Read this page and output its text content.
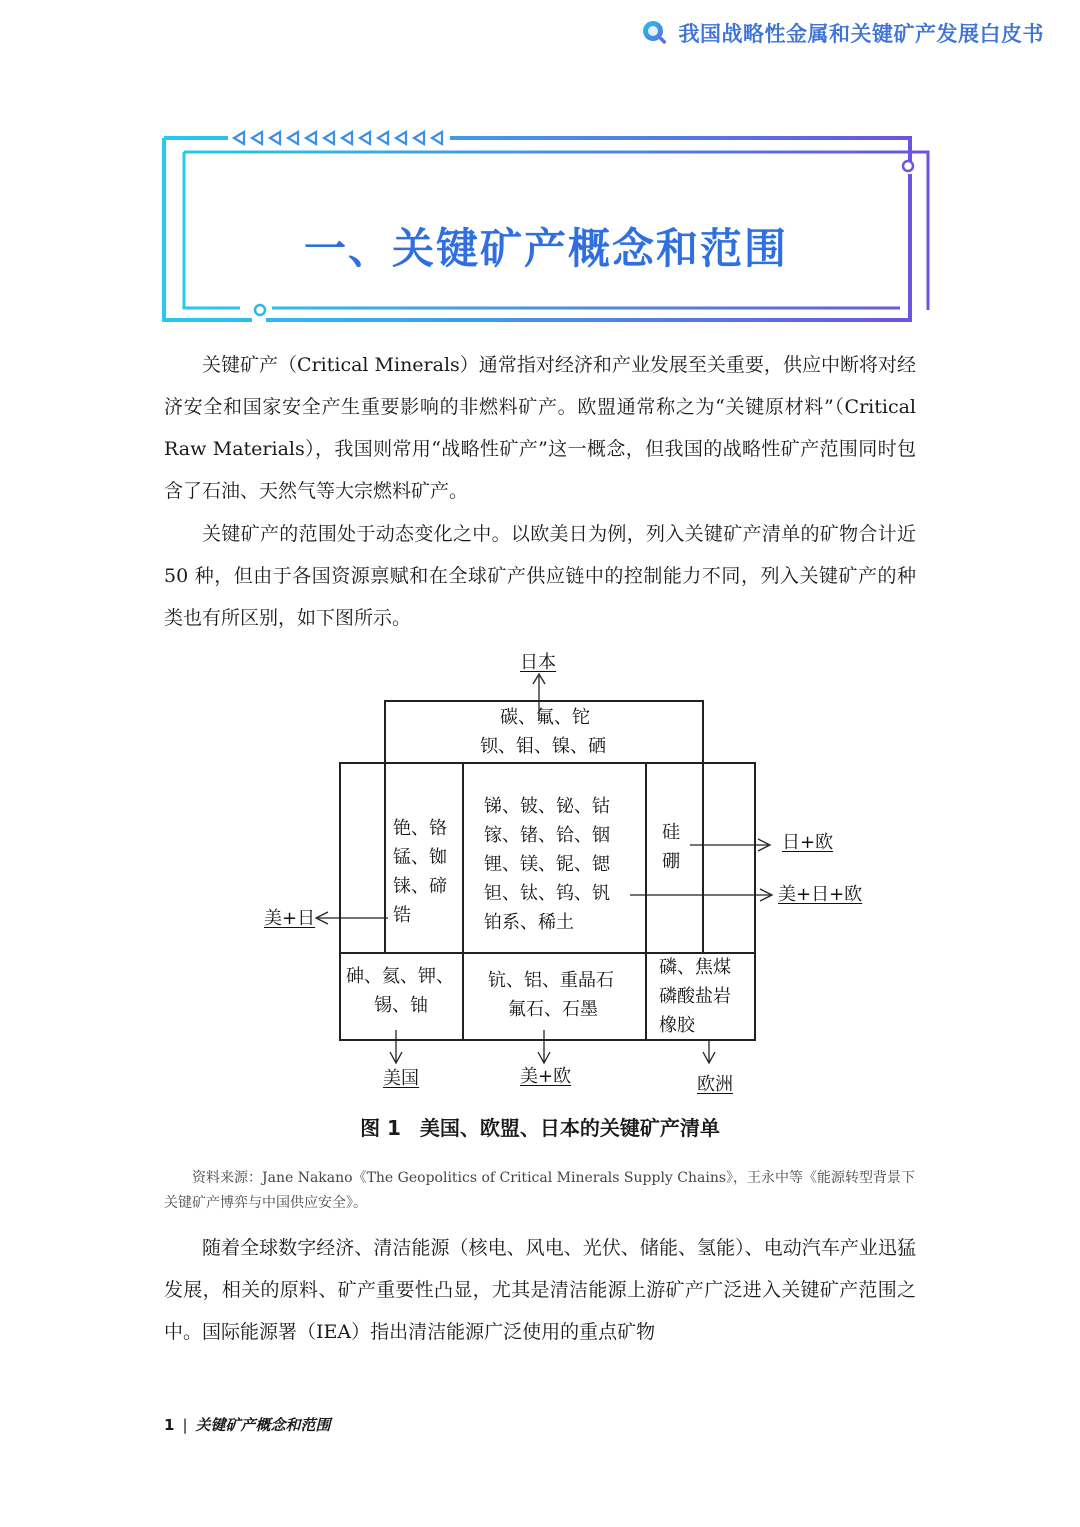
我国战略性金属和关键矿产发展白皮书
一、关键矿产概念和范围

关键矿产（Critical Minerals）通常指对经济和产业发展至关重要，供应中断将对经济安全和国家安全产生重要影响的非燃料矿产。欧盟通常称之为“关键原材料”（Critical Raw Materials），我国则常用“战略性矿产”这一概念，但我国的战略性矿产范围同时包含了石油、天然气等大宗燃料矿产。

关键矿产的范围处于动态变化之中。以欧美日为例，列入关键矿产清单的矿物合计近 50 种，但由于各国资源禀赋和在全球矿产供应链中的控制能力不同，列入关键矿产的种类也有所区别，如下图所示。

日本
日+欧
美+日+欧
美+日
美国	美+欧	欧洲
碳、氟、铊
钡、钼、镍、硒
铯、铬
锰、铷
铼、碲
锆
锑、铍、铋、钴
镓、锗、铪、铟
锂、镁、铌、锶
钽、钛、钨、钒
铂系、稀土
硅
硼
砷、氦、钾、
锡、铀
钪、铝、重晶石
氟石、石墨
磷、焦煤
磷酸盐岩
橡胶
图 1 美国、欧盟、日本的关键矿产清单

资料来源：Jane Nakano《The Geopolitics of Critical Minerals Supply Chains》，王永中等《能源转型背景下关键矿产博弈与中国供应安全》。

随着全球数字经济、清洁能源（核电、风电、光伏、储能、氢能）、电动汽车产业迅猛发展，相关的原料、矿产重要性凸显，尤其是清洁能源上游矿产广泛进入关键矿产范围之中。国际能源署（IEA）指出清洁能源广泛使用的重点矿物

1 | 关键矿产概念和范围
